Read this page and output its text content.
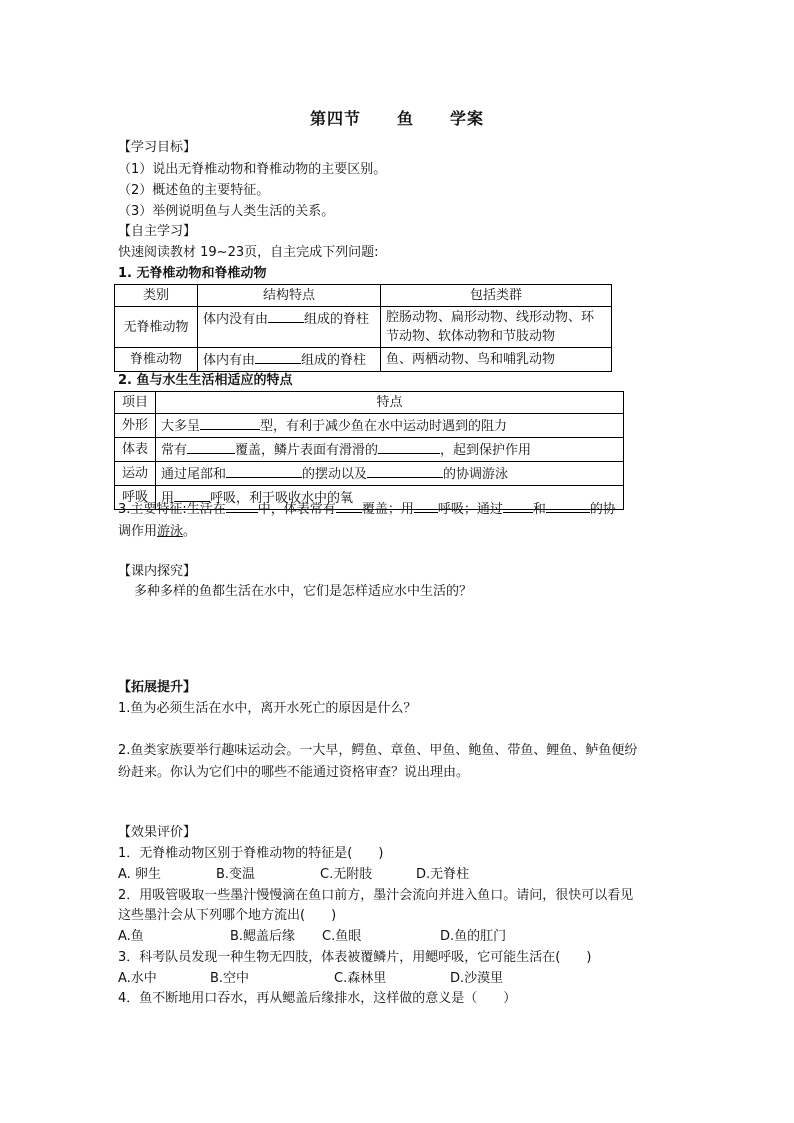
第四节 鱼 学案
【学习目标】
（1）说出无脊椎动物和脊椎动物的主要区别。
（2）概述鱼的主要特征。
（3）举例说明鱼与人类生活的关系。
【自主学习】
快速阅读教材 19~23页，自主完成下列问题:
1. 无脊椎动物和脊椎动物
类别	结构特点	包括类群
无脊椎动物	体内没有由 组成的脊柱	腔肠动物、扁形动物、线形动物、环节动物、软体动物和节肢动物
脊椎动物	体内有由 组成的脊柱	鱼、两栖动物、鸟和哺乳动物
2. 鱼与水生生活相适应的特点
项目	特点
外形	大多呈 型，有利于减少鱼在水中运动时遇到的阻力
体表	常有 覆盖，鳞片表面有滑滑的 ，起到保护作用
运动	通过尾部和 的摆动以及 的协调游泳
呼吸	用 呼吸，利于吸收水中的氧
3.主要特征:生活在 中，体表常有 覆盖；用 呼吸；通过 和	的协
调作用游泳。
【课内探究】
多种多样的鱼都生活在水中，它们是怎样适应水中生活的？
【拓展提升】
1.鱼为必须生活在水中，离开水死亡的原因是什么？
2.鱼类家族要举行趣味运动会。一大早，鳄鱼、章鱼、甲鱼、鲍鱼、带鱼、鲤鱼、鲈鱼便纷
纷赶来。你认为它们中的哪些不能通过资格审查？说出理由。
【效果评价】
1．无脊椎动物区别于脊椎动物的特征是(　　)
A. 卵生	B.变温	C.无附肢	D.无脊柱
2．用吸管吸取一些墨汁慢慢滴在鱼口前方，墨汁会流向并进入鱼口。请问，很快可以看见
这些墨汁会从下列哪个地方流出(　　)
A.鱼	B.鳃盖后缘 C.鱼眼	D.鱼的肛门
3．科考队员发现一种生物无四肢，体表被覆鳞片，用鳃呼吸，它可能生活在(　　)
A.水中	B.空中	C.森林里	D.沙漠里
4．鱼不断地用口吞水，再从鳃盖后缘排水，这样做的意义是（　　）
